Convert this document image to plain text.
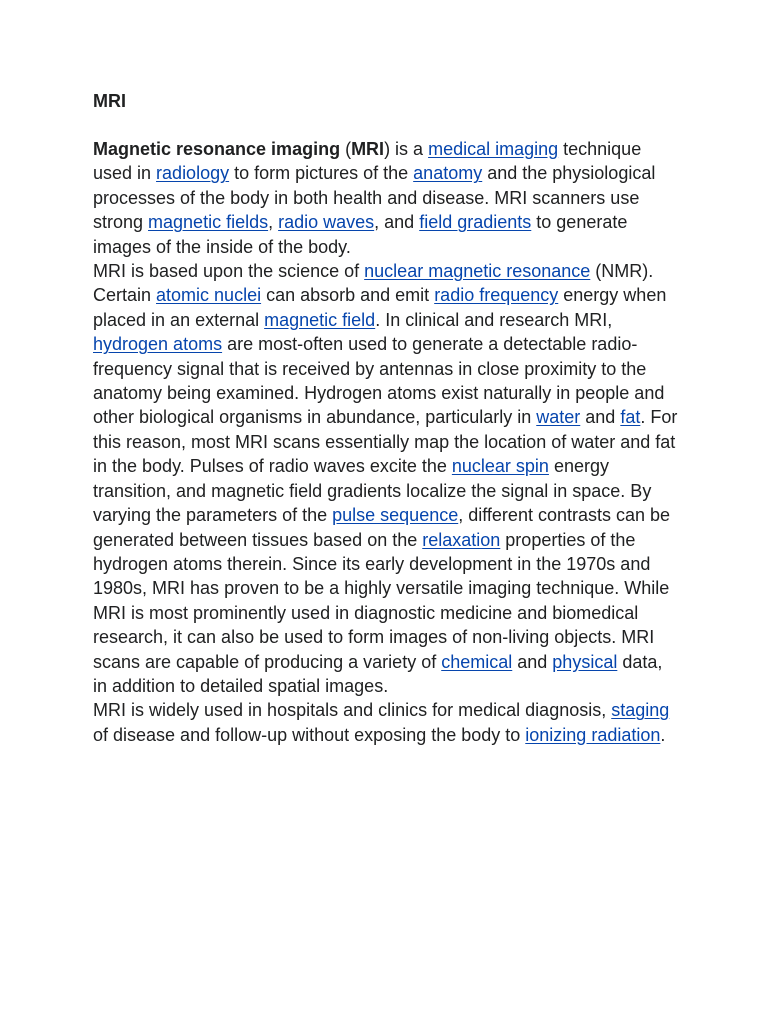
MRI

Magnetic resonance imaging (MRI) is a medical imaging technique used in radiology to form pictures of the anatomy and the physiological processes of the body in both health and disease. MRI scanners use strong magnetic fields, radio waves, and field gradients to generate images of the inside of the body.

MRI is based upon the science of nuclear magnetic resonance (NMR). Certain atomic nuclei can absorb and emit radio frequency energy when placed in an external magnetic field. In clinical and research MRI, hydrogen atoms are most-often used to generate a detectable radio-frequency signal that is received by antennas in close proximity to the anatomy being examined. Hydrogen atoms exist naturally in people and other biological organisms in abundance, particularly in water and fat. For this reason, most MRI scans essentially map the location of water and fat in the body. Pulses of radio waves excite the nuclear spin energy transition, and magnetic field gradients localize the signal in space. By varying the parameters of the pulse sequence, different contrasts can be generated between tissues based on the relaxation properties of the hydrogen atoms therein. Since its early development in the 1970s and 1980s, MRI has proven to be a highly versatile imaging technique. While MRI is most prominently used in diagnostic medicine and biomedical research, it can also be used to form images of non-living objects. MRI scans are capable of producing a variety of chemical and physical data, in addition to detailed spatial images.

MRI is widely used in hospitals and clinics for medical diagnosis, staging of disease and follow-up without exposing the body to ionizing radiation.
